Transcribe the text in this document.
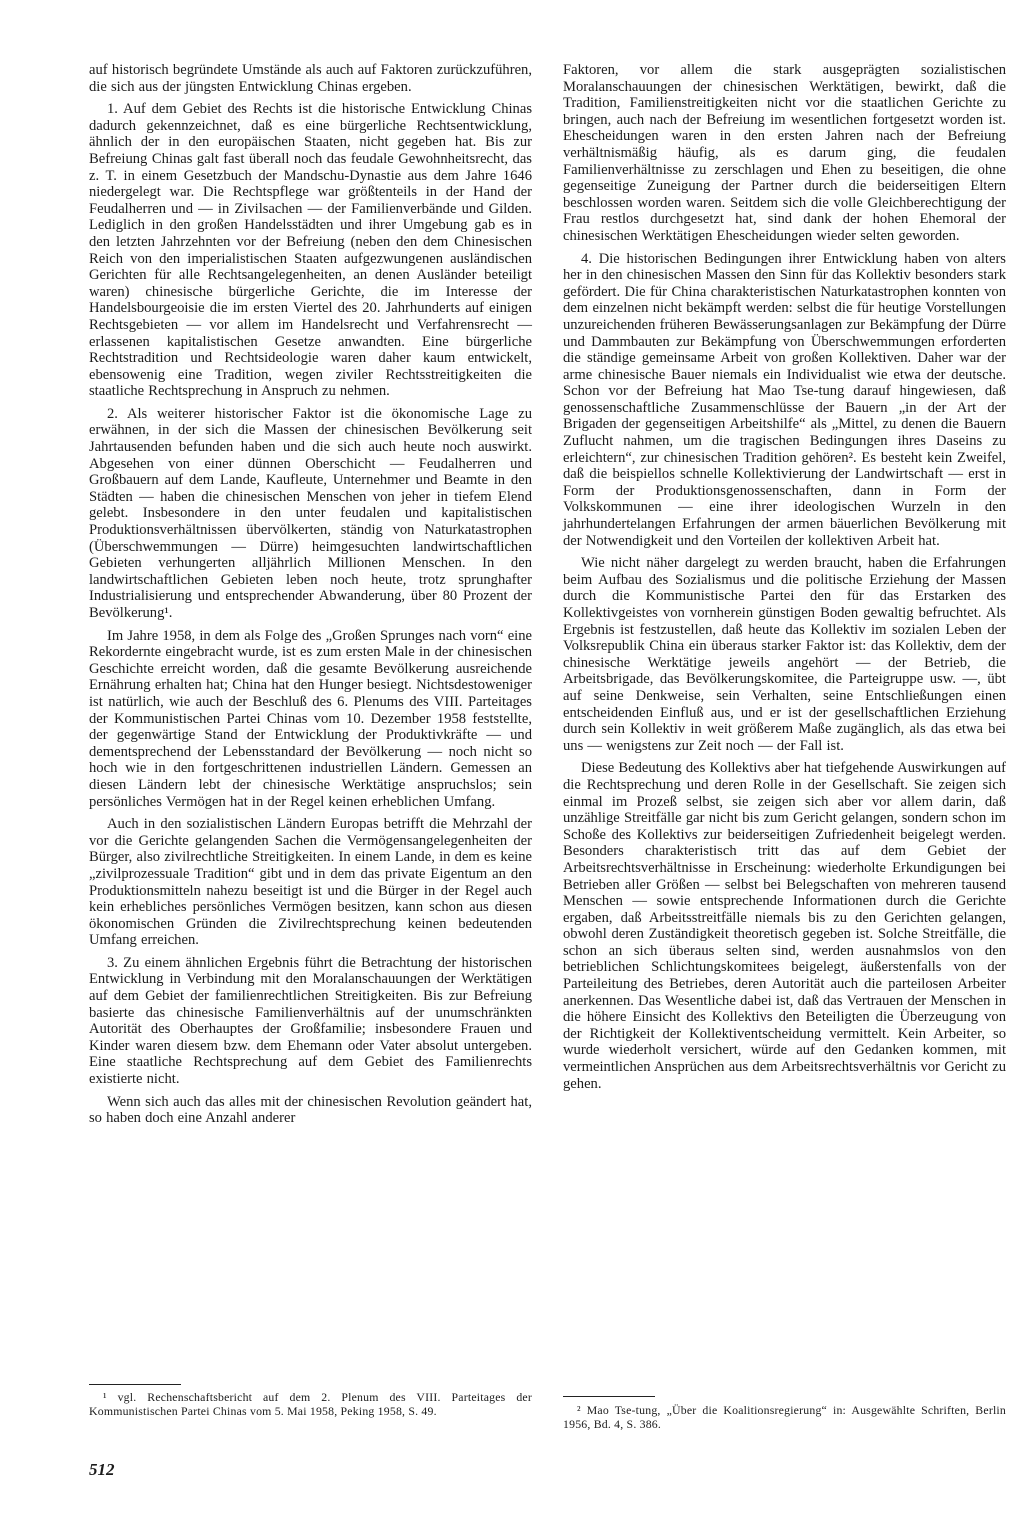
auf historisch begründete Umstände als auch auf Faktoren zurückzuführen, die sich aus der jüngsten Entwicklung Chinas ergeben.

1. Auf dem Gebiet des Rechts ist die historische Entwicklung Chinas dadurch gekennzeichnet, daß es eine bürgerliche Rechtsentwicklung, ähnlich der in den europäischen Staaten, nicht gegeben hat. Bis zur Befreiung Chinas galt fast überall noch das feudale Gewohnheitsrecht, das z. T. in einem Gesetzbuch der Mandschu-Dynastie aus dem Jahre 1646 niedergelegt war. Die Rechtspflege war größtenteils in der Hand der Feudalherren und — in Zivilsachen — der Familienverbände und Gilden. Lediglich in den großen Handelsstädten und ihrer Umgebung gab es in den letzten Jahrzehnten vor der Befreiung (neben den dem Chinesischen Reich von den imperialistischen Staaten aufgezwungenen ausländischen Gerichten für alle Rechtsangelegenheiten, an denen Ausländer beteiligt waren) chinesische bürgerliche Gerichte, die im Interesse der Handelsbourgeoisie die im ersten Viertel des 20. Jahrhunderts auf einigen Rechtsgebieten — vor allem im Handelsrecht und Verfahrensrecht — erlassenen kapitalistischen Gesetze anwandten. Eine bürgerliche Rechtstradition und Rechtsideologie waren daher kaum entwickelt, ebensowenig eine Tradition, wegen ziviler Rechtsstreitigkeiten die staatliche Rechtsprechung in Anspruch zu nehmen.

2. Als weiterer historischer Faktor ist die ökonomische Lage zu erwähnen, in der sich die Massen der chinesischen Bevölkerung seit Jahrtausenden befunden haben und die sich auch heute noch auswirkt. Abgesehen von einer dünnen Oberschicht — Feudalherren und Großbauern auf dem Lande, Kaufleute, Unternehmer und Beamte in den Städten — haben die chinesischen Menschen von jeher in tiefem Elend gelebt. Insbesondere in den unter feudalen und kapitalistischen Produktionsverhältnissen übervölkerten, ständig von Naturkatastrophen (Überschwemmungen — Dürre) heimgesuchten landwirtschaftlichen Gebieten verhungerten alljährlich Millionen Menschen. In den landwirtschaftlichen Gebieten leben noch heute, trotz sprunghafter Industrialisierung und entsprechender Abwanderung, über 80 Prozent der Bevölkerung¹.

Im Jahre 1958, in dem als Folge des „Großen Sprunges nach vorn“ eine Rekordernte eingebracht wurde, ist es zum ersten Male in der chinesischen Geschichte erreicht worden, daß die gesamte Bevölkerung ausreichende Ernährung erhalten hat; China hat den Hunger besiegt. Nichtsdestoweniger ist natürlich, wie auch der Beschluß des 6. Plenums des VIII. Parteitages der Kommunistischen Partei Chinas vom 10. Dezember 1958 feststellte, der gegenwärtige Stand der Entwicklung der Produktivkräfte — und dementsprechend der Lebensstandard der Bevölkerung — noch nicht so hoch wie in den fortgeschrittenen industriellen Ländern. Gemessen an diesen Ländern lebt der chinesische Werktätige anspruchslos; sein persönliches Vermögen hat in der Regel keinen erheblichen Umfang.

Auch in den sozialistischen Ländern Europas betrifft die Mehrzahl der vor die Gerichte gelangenden Sachen die Vermögensangelegenheiten der Bürger, also zivilrechtliche Streitigkeiten. In einem Lande, in dem es keine „zivilprozessuale Tradition“ gibt und in dem das private Eigentum an den Produktionsmitteln nahezu beseitigt ist und die Bürger in der Regel auch kein erhebliches persönliches Vermögen besitzen, kann schon aus diesen ökonomischen Gründen die Zivilrechtsprechung keinen bedeutenden Umfang erreichen.

3. Zu einem ähnlichen Ergebnis führt die Betrachtung der historischen Entwicklung in Verbindung mit den Moralanschauungen der Werktätigen auf dem Gebiet der familienrechtlichen Streitigkeiten. Bis zur Befreiung basierte das chinesische Familienverhältnis auf der unumschränkten Autorität des Oberhauptes der Großfamilie; insbesondere Frauen und Kinder waren diesem bzw. dem Ehemann oder Vater absolut untergeben. Eine staatliche Rechtsprechung auf dem Gebiet des Familienrechts existierte nicht.

Wenn sich auch das alles mit der chinesischen Revolution geändert hat, so haben doch eine Anzahl anderer

Faktoren, vor allem die stark ausgeprägten sozialistischen Moralanschauungen der chinesischen Werktätigen, bewirkt, daß die Tradition, Familienstreitigkeiten nicht vor die staatlichen Gerichte zu bringen, auch nach der Befreiung im wesentlichen fortgesetzt worden ist. Ehescheidungen waren in den ersten Jahren nach der Befreiung verhältnismäßig häufig, als es darum ging, die feudalen Familienverhältnisse zu zerschlagen und Ehen zu beseitigen, die ohne gegenseitige Zuneigung der Partner durch die beiderseitigen Eltern beschlossen worden waren. Seitdem sich die volle Gleichberechtigung der Frau restlos durchgesetzt hat, sind dank der hohen Ehemoral der chinesischen Werktätigen Ehescheidungen wieder selten geworden.

4. Die historischen Bedingungen ihrer Entwicklung haben von alters her in den chinesischen Massen den Sinn für das Kollektiv besonders stark gefördert. Die für China charakteristischen Naturkatastrophen konnten von dem einzelnen nicht bekämpft werden: selbst die für heutige Vorstellungen unzureichenden früheren Bewässerungsanlagen zur Bekämpfung der Dürre und Dammbauten zur Bekämpfung von Überschwemmungen erforderten die ständige gemeinsame Arbeit von großen Kollektiven. Daher war der arme chinesische Bauer niemals ein Individualist wie etwa der deutsche. Schon vor der Befreiung hat Mao Tse-tung darauf hingewiesen, daß genossenschaftliche Zusammenschlüsse der Bauern „in der Art der Brigaden der gegenseitigen Arbeitshilfe“ als „Mittel, zu denen die Bauern Zuflucht nahmen, um die tragischen Bedingungen ihres Daseins zu erleichtern“, zur chinesischen Tradition gehören². Es besteht kein Zweifel, daß die beispiellos schnelle Kollektivierung der Landwirtschaft — erst in Form der Produktionsgenossenschaften, dann in Form der Volkskommunen — eine ihrer ideologischen Wurzeln in den jahrhundertelangen Erfahrungen der armen bäuerlichen Bevölkerung mit der Notwendigkeit und den Vorteilen der kollektiven Arbeit hat.

Wie nicht näher dargelegt zu werden braucht, haben die Erfahrungen beim Aufbau des Sozialismus und die politische Erziehung der Massen durch die Kommunistische Partei den für das Erstarken des Kollektivgeistes von vornherein günstigen Boden gewaltig befruchtet. Als Ergebnis ist festzustellen, daß heute das Kollektiv im sozialen Leben der Volksrepublik China ein überaus starker Faktor ist: das Kollektiv, dem der chinesische Werktätige jeweils angehört — der Betrieb, die Arbeitsbrigade, das Bevölkerungskomitee, die Parteigruppe usw. —, übt auf seine Denkweise, sein Verhalten, seine Entschließungen einen entscheidenden Einfluß aus, und er ist der gesellschaftlichen Erziehung durch sein Kollektiv in weit größerem Maße zugänglich, als das etwa bei uns — wenigstens zur Zeit noch — der Fall ist.

Diese Bedeutung des Kollektivs aber hat tiefgehende Auswirkungen auf die Rechtsprechung und deren Rolle in der Gesellschaft. Sie zeigen sich einmal im Prozeß selbst, sie zeigen sich aber vor allem darin, daß unzählige Streitfälle gar nicht bis zum Gericht gelangen, sondern schon im Schoße des Kollektivs zur beiderseitigen Zufriedenheit beigelegt werden. Besonders charakteristisch tritt das auf dem Gebiet der Arbeitsrechtsverhältnisse in Erscheinung: wiederholte Erkundigungen bei Betrieben aller Größen — selbst bei Belegschaften von mehreren tausend Menschen — sowie entsprechende Informationen durch die Gerichte ergaben, daß Arbeitsstreitfälle niemals bis zu den Gerichten gelangen, obwohl deren Zuständigkeit theoretisch gegeben ist. Solche Streitfälle, die schon an sich überaus selten sind, werden ausnahmslos von den betrieblichen Schlichtungskomitees beigelegt, äußerstenfalls von der Parteileitung des Betriebes, deren Autorität auch die parteilosen Arbeiter anerkennen. Das Wesentliche dabei ist, daß das Vertrauen der Menschen in die höhere Einsicht des Kollektivs den Beteiligten die Überzeugung von der Richtigkeit der Kollektiventscheidung vermittelt. Kein Arbeiter, so wurde wiederholt versichert, würde auf den Gedanken kommen, mit vermeintlichen Ansprüchen aus dem Arbeitsrechtsverhältnis vor Gericht zu gehen.

¹ vgl. Rechenschaftsbericht auf dem 2. Plenum des VIII. Parteitages der Kommunistischen Partei Chinas vom 5. Mai 1958, Peking 1958, S. 49.	² Mao Tse-tung, „Über die Koalitionsregierung“ in: Ausgewählte Schriften, Berlin 1956, Bd. 4, S. 386.
512
